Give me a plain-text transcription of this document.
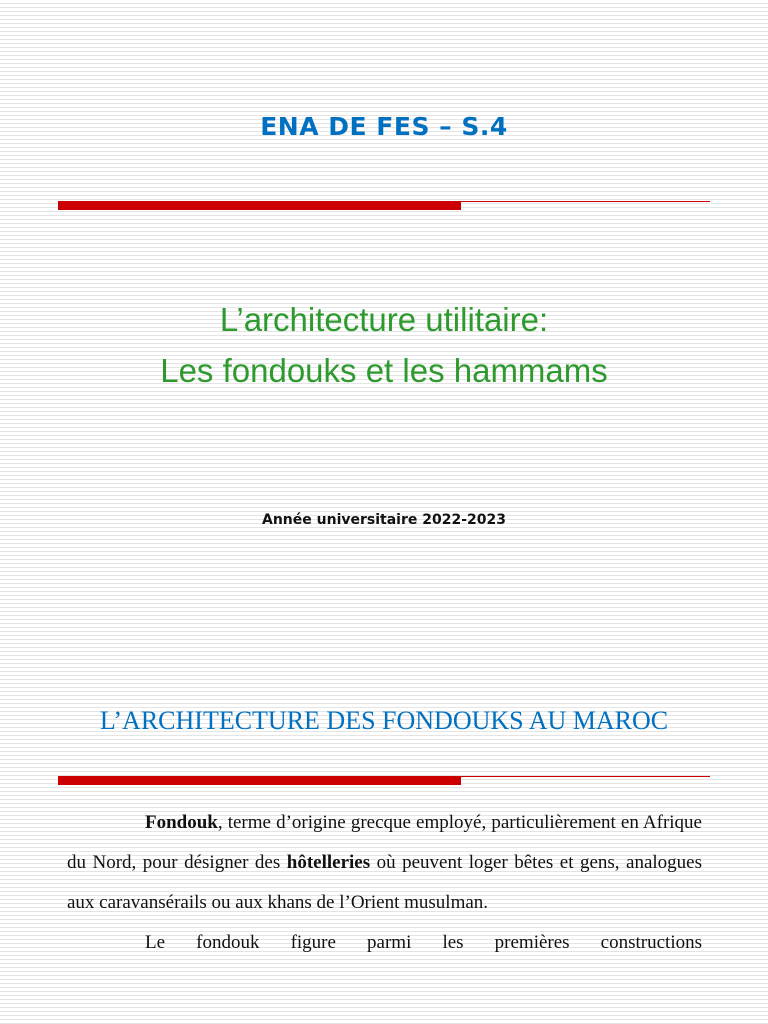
ENA DE FES – S.4
L’architecture utilitaire:
Les fondouks et les hammams

Année universitaire 2022-2023

L’ARCHITECTURE DES FONDOUKS AU MAROC

Fondouk, terme d’origine grecque employé, particulièrement en Afrique du Nord, pour désigner des hôtelleries où peuvent loger bêtes et gens, analogues aux caravansérails ou aux khans de l’Orient musulman.

Le fondouk figure parmi les premières constructions
